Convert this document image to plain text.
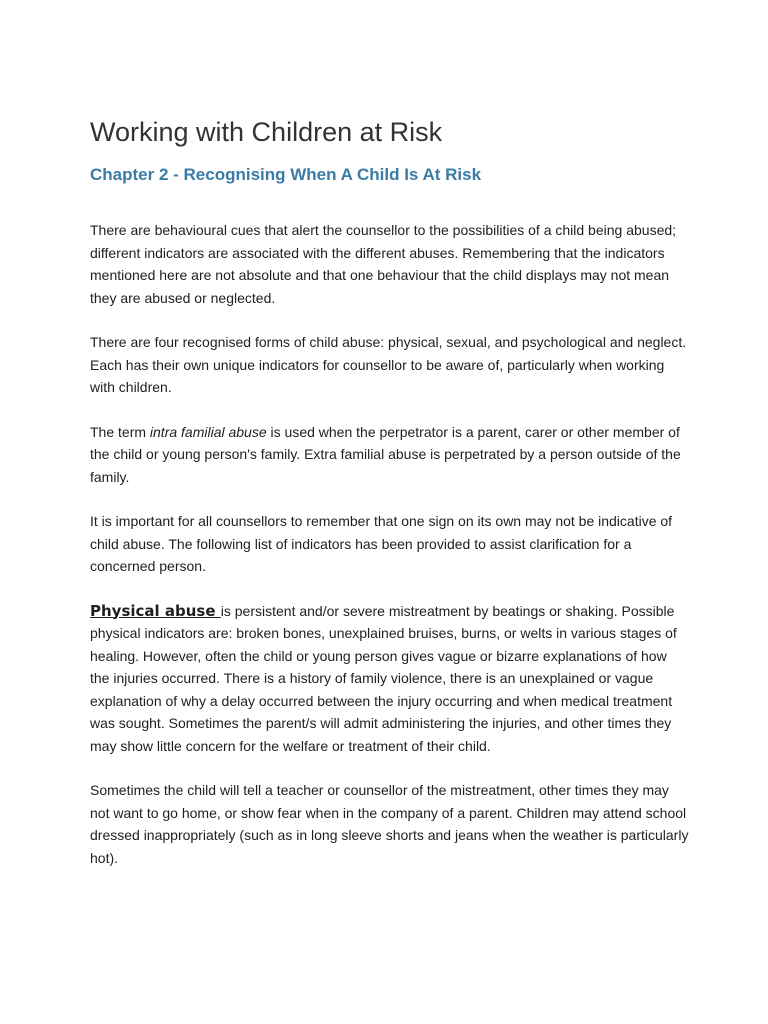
Working with Children at Risk
Chapter 2 - Recognising When A Child Is At Risk

There are behavioural cues that alert the counsellor to the possibilities of a child being abused; different indicators are associated with the different abuses. Remembering that the indicators mentioned here are not absolute and that one behaviour that the child displays may not mean they are abused or neglected.

There are four recognised forms of child abuse: physical, sexual, and psychological and neglect. Each has their own unique indicators for counsellor to be aware of, particularly when working with children.

The term intra familial abuse is used when the perpetrator is a parent, carer or other member of the child or young person's family. Extra familial abuse is perpetrated by a person outside of the family.

It is important for all counsellors to remember that one sign on its own may not be indicative of child abuse. The following list of indicators has been provided to assist clarification for a concerned person.

Physical abuse is persistent and/or severe mistreatment by beatings or shaking. Possible physical indicators are: broken bones, unexplained bruises, burns, or welts in various stages of healing. However, often the child or young person gives vague or bizarre explanations of how the injuries occurred. There is a history of family violence, there is an unexplained or vague explanation of why a delay occurred between the injury occurring and when medical treatment was sought. Sometimes the parent/s will admit administering the injuries, and other times they may show little concern for the welfare or treatment of their child.

Sometimes the child will tell a teacher or counsellor of the mistreatment, other times they may not want to go home, or show fear when in the company of a parent. Children may attend school dressed inappropriately (such as in long sleeve shorts and jeans when the weather is particularly hot).
